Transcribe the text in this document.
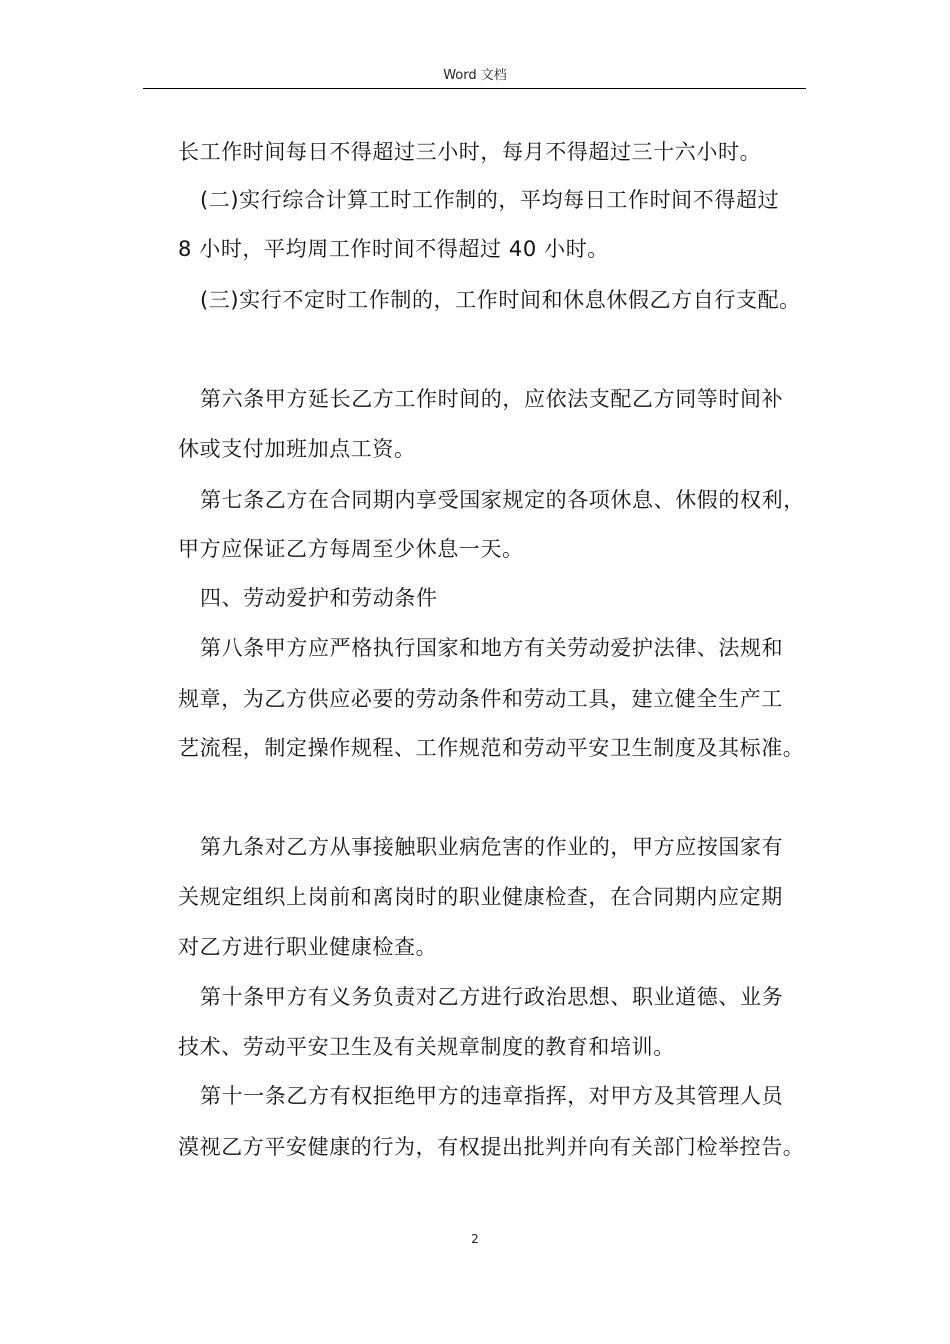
Word 文档
长工作时间每日不得超过三小时，每月不得超过三十六小时。
(二)实行综合计算工时工作制的，平均每日工作时间不得超过
8 小时，平均周工作时间不得超过 40 小时。
(三)实行不定时工作制的，工作时间和休息休假乙方自行支配。
第六条甲方延长乙方工作时间的，应依法支配乙方同等时间补
休或支付加班加点工资。
第七条乙方在合同期内享受国家规定的各项休息、休假的权利，
甲方应保证乙方每周至少休息一天。
四、劳动爱护和劳动条件
第八条甲方应严格执行国家和地方有关劳动爱护法律、法规和
规章，为乙方供应必要的劳动条件和劳动工具，建立健全生产工
艺流程，制定操作规程、工作规范和劳动平安卫生制度及其标准。
第九条对乙方从事接触职业病危害的作业的，甲方应按国家有
关规定组织上岗前和离岗时的职业健康检查，在合同期内应定期
对乙方进行职业健康检查。
第十条甲方有义务负责对乙方进行政治思想、职业道德、业务
技术、劳动平安卫生及有关规章制度的教育和培训。
第十一条乙方有权拒绝甲方的违章指挥，对甲方及其管理人员
漠视乙方平安健康的行为，有权提出批判并向有关部门检举控告。
2
